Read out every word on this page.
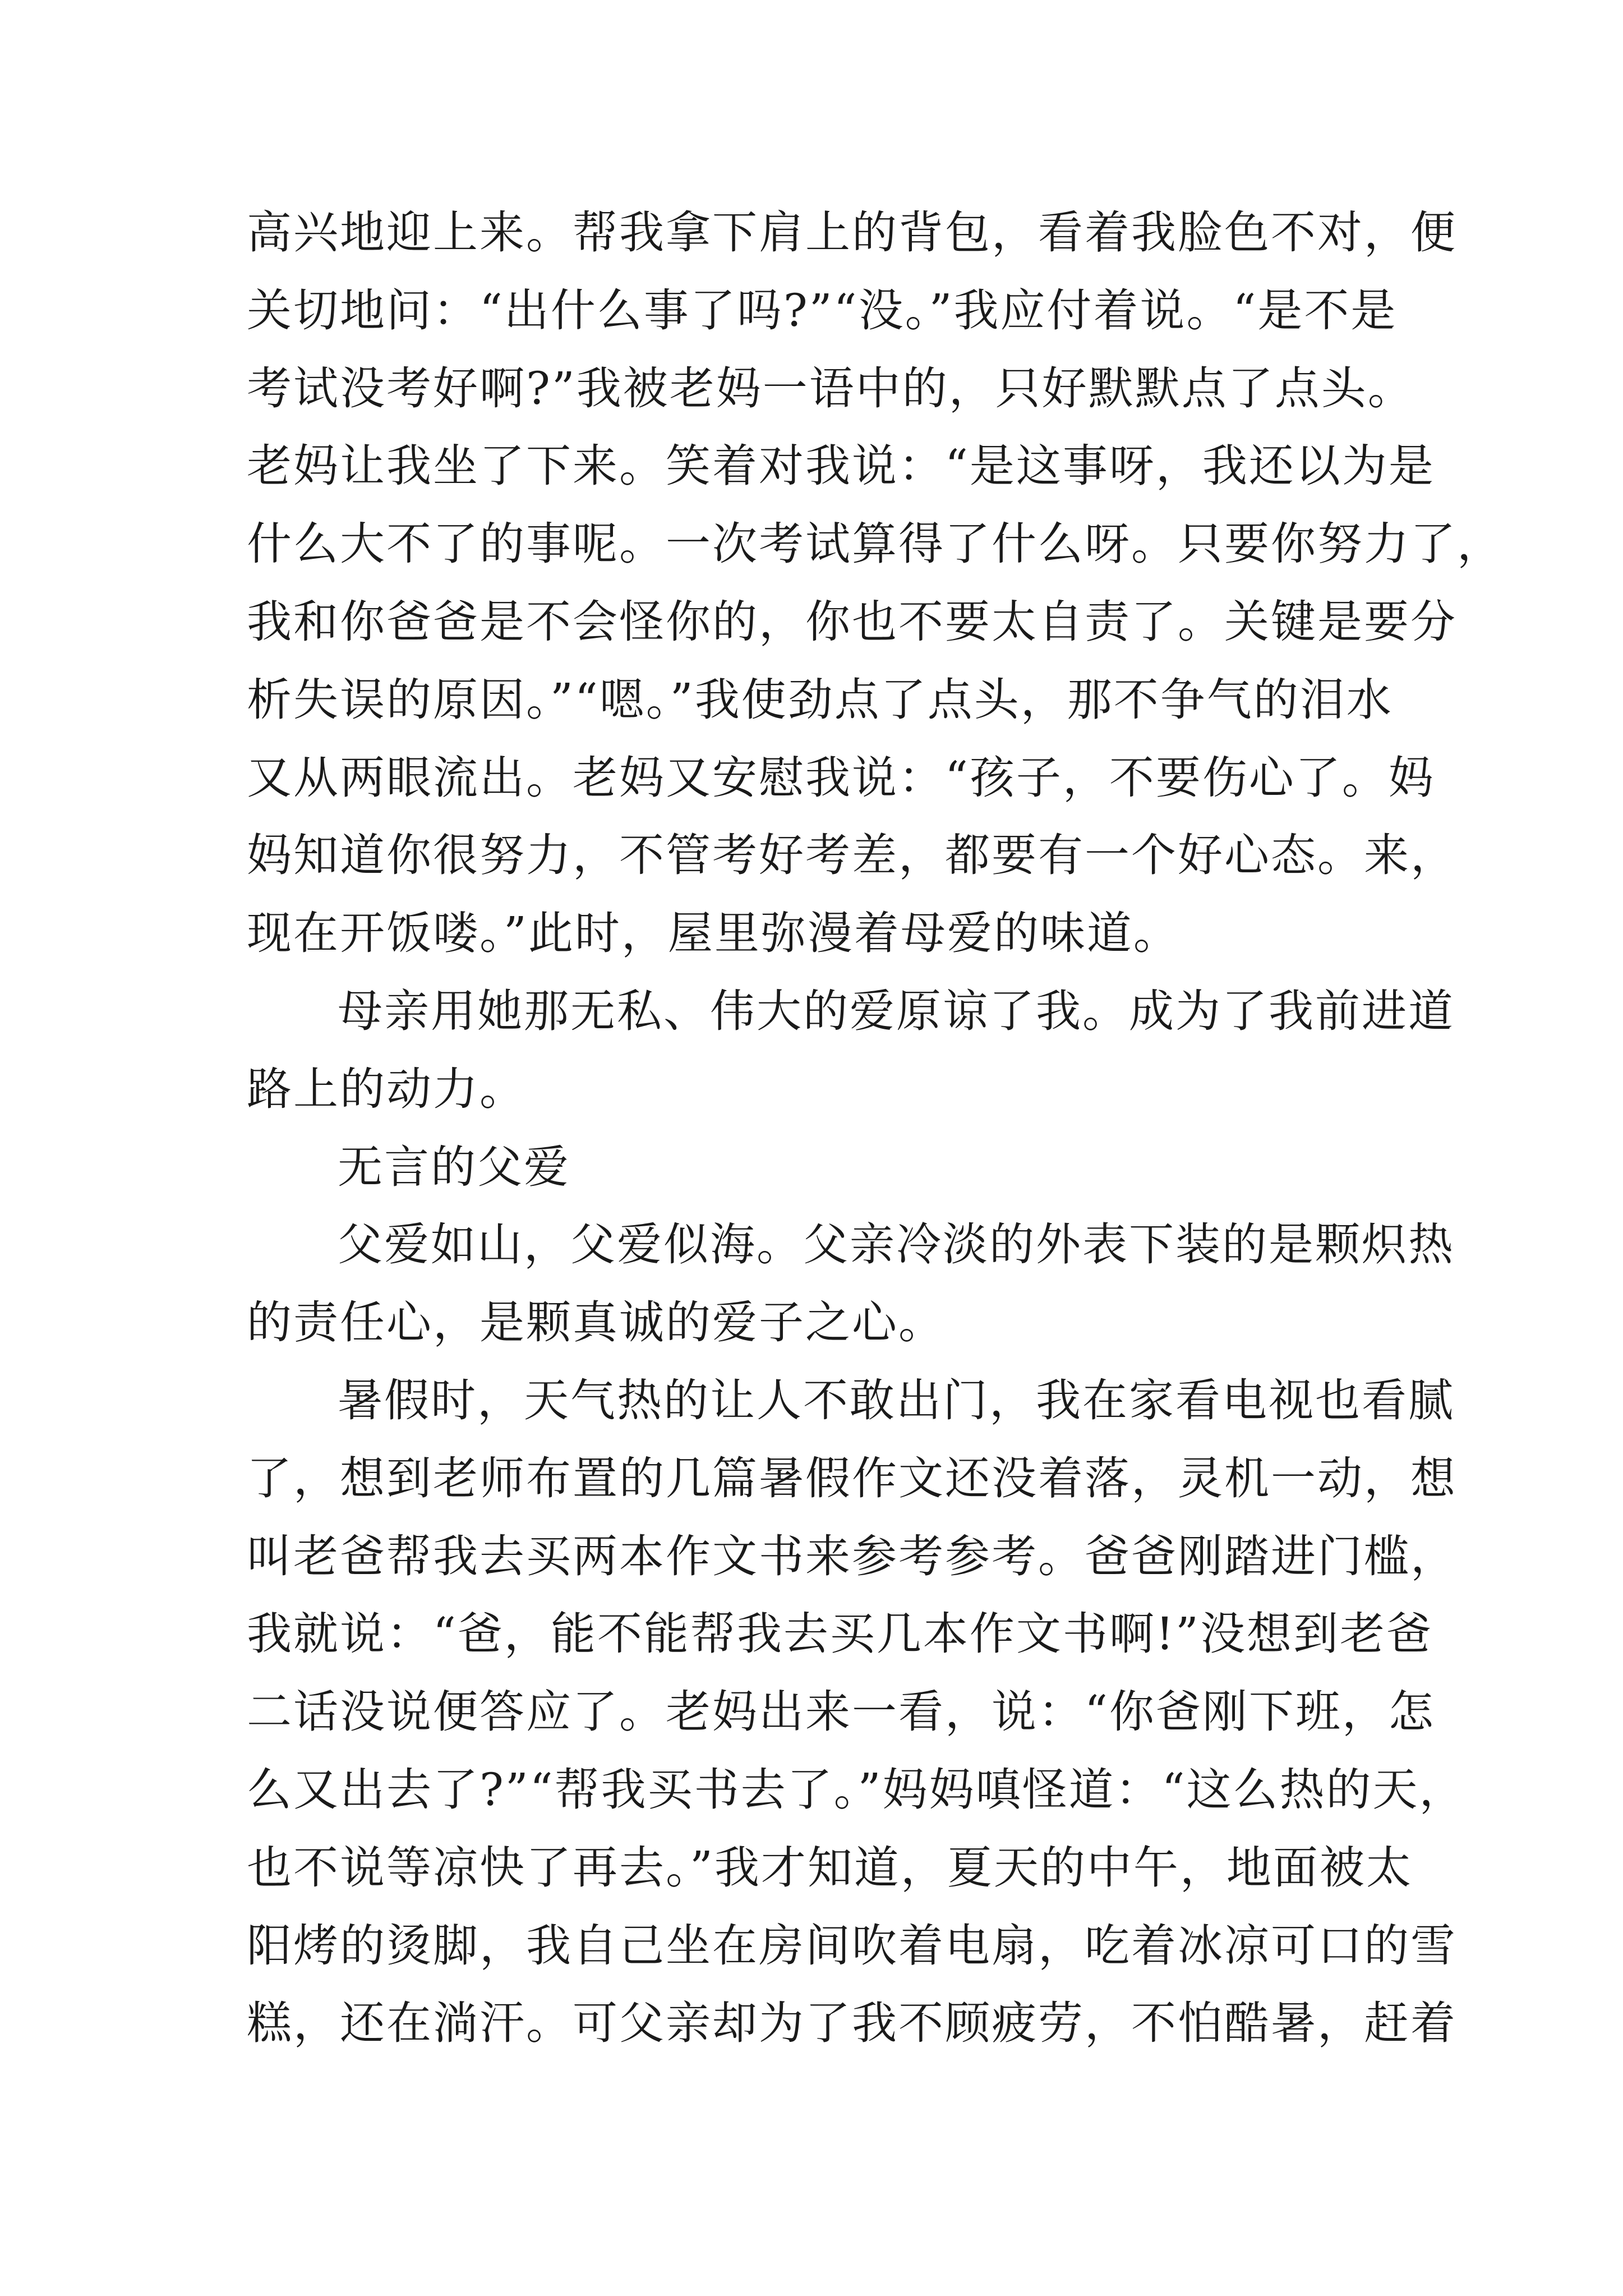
高兴地迎上来。帮我拿下肩上的背包，看着我脸色不对，便
关切地问：“出什么事了吗?”“没。”我应付着说。“是不是
考试没考好啊?”我被老妈一语中的，只好默默点了点头。
老妈让我坐了下来。笑着对我说：“是这事呀，我还以为是
什么大不了的事呢。一次考试算得了什么呀。只要你努力了，
我和你爸爸是不会怪你的，你也不要太自责了。关键是要分
析失误的原因。”“嗯。”我使劲点了点头，那不争气的泪水
又从两眼流出。老妈又安慰我说：“孩子，不要伤心了。妈
妈知道你很努力，不管考好考差，都要有一个好心态。来，
现在开饭喽。”此时，屋里弥漫着母爱的味道。
母亲用她那无私、伟大的爱原谅了我。成为了我前进道
路上的动力。
无言的父爱
父爱如山，父爱似海。父亲冷淡的外表下装的是颗炽热
的责任心，是颗真诚的爱子之心。
暑假时，天气热的让人不敢出门，我在家看电视也看腻
了，想到老师布置的几篇暑假作文还没着落，灵机一动，想
叫老爸帮我去买两本作文书来参考参考。爸爸刚踏进门槛，
我就说：“爸，能不能帮我去买几本作文书啊!”没想到老爸
二话没说便答应了。老妈出来一看，说：“你爸刚下班，怎
么又出去了?”“帮我买书去了。”妈妈嗔怪道：“这么热的天，
也不说等凉快了再去。”我才知道，夏天的中午，地面被太
阳烤的烫脚，我自己坐在房间吹着电扇，吃着冰凉可口的雪
糕，还在淌汗。可父亲却为了我不顾疲劳，不怕酷暑，赶着
